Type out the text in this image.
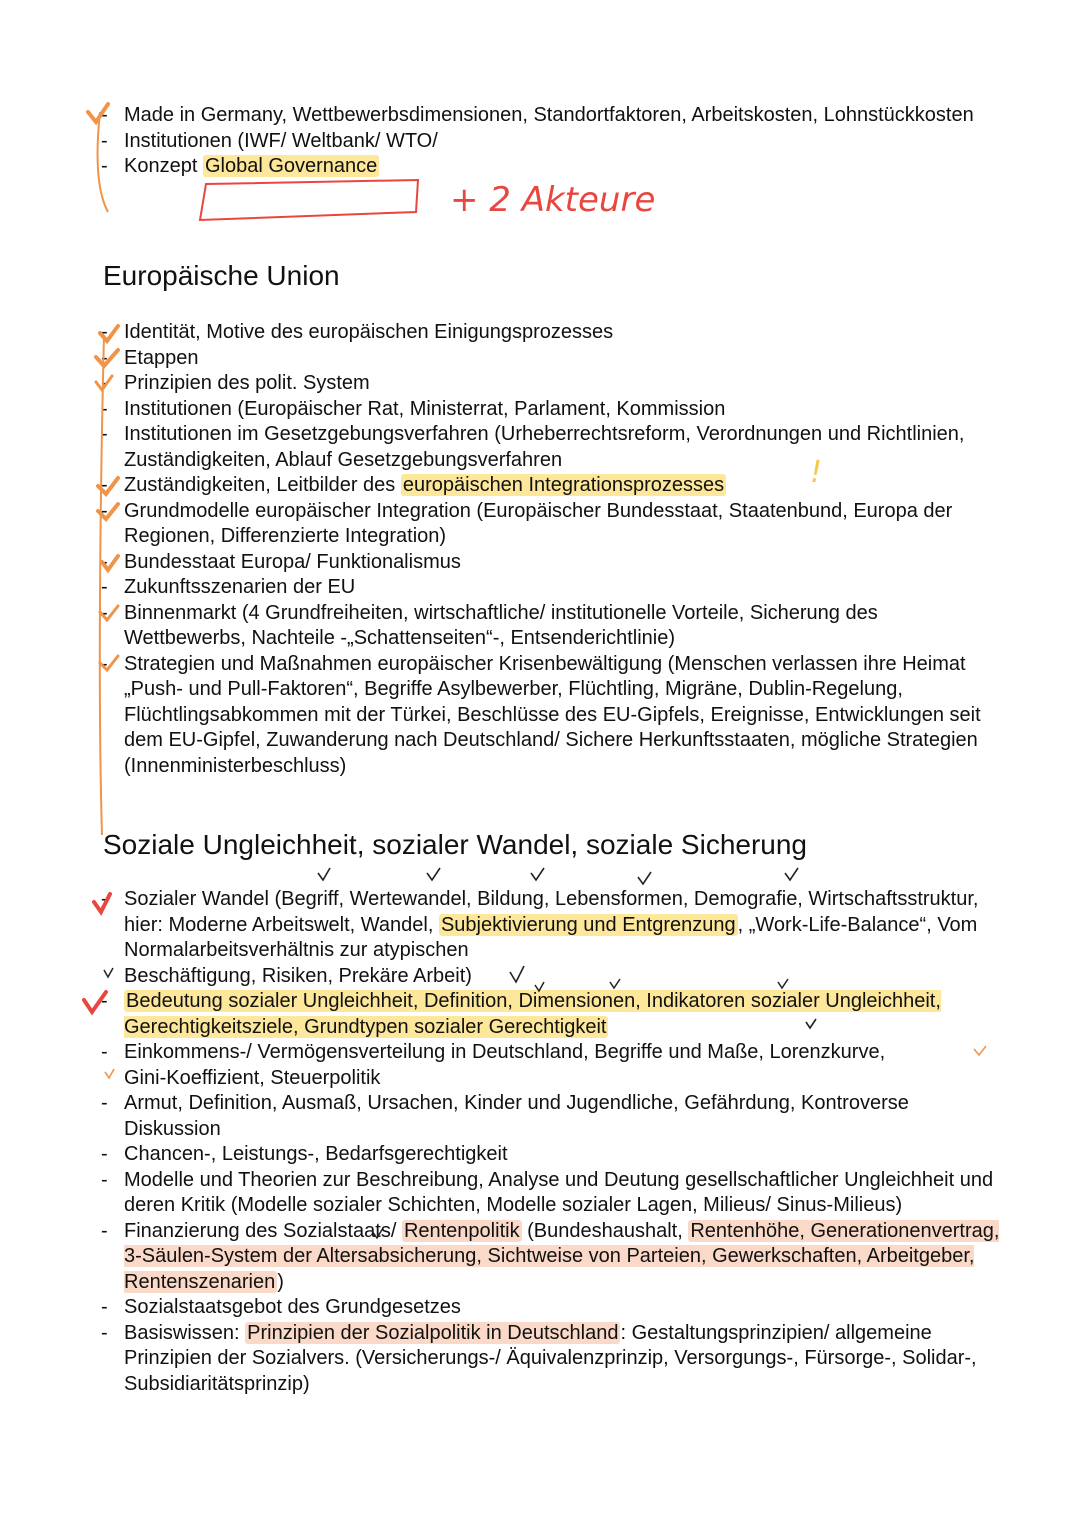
- Made in Germany, Wettbewerbsdimensionen, Standortfaktoren, Arbeitskosten, Lohnstückkosten
- Institutionen (IWF/ Weltbank/ WTO/
- Konzept Global Governance
+ 2 Akteure
Europäische Union
- Identität, Motive des europäischen Einigungsprozesses
- Etappen
- Prinzipien des polit. System
- Institutionen (Europäischer Rat, Ministerrat, Parlament, Kommission
- Institutionen im Gesetzgebungsverfahren (Urheberrechtsreform, Verordnungen und Richtlinien, Zuständigkeiten, Ablauf Gesetzgebungsverfahren
- Zuständigkeiten, Leitbilder des europäischen Integrationsprozesses
- Grundmodelle europäischer Integration (Europäischer Bundesstaat, Staatenbund, Europa der Regionen, Differenzierte Integration)
- Bundesstaat Europa/ Funktionalismus
- Zukunftsszenarien der EU
- Binnenmarkt (4 Grundfreiheiten, wirtschaftliche/ institutionelle Vorteile, Sicherung des Wettbewerbs, Nachteile -„Schattenseiten“-, Entsenderichtlinie)
- Strategien und Maßnahmen europäischer Krisenbewältigung (Menschen verlassen ihre Heimat „Push- und Pull-Faktoren“, Begriffe Asylbewerber, Flüchtling, Migräne, Dublin-Regelung, Flüchtlingsabkommen mit der Türkei, Beschlüsse des EU-Gipfels, Ereignisse, Entwicklungen seit dem EU-Gipfel, Zuwanderung nach Deutschland/ Sichere Herkunftsstaaten, mögliche Strategien (Innenministerbeschluss)
!
Soziale Ungleichheit, sozialer Wandel, soziale Sicherung
- Sozialer Wandel (Begriff, Wertewandel, Bildung, Lebensformen, Demografie, Wirtschaftsstruktur, hier: Moderne Arbeitswelt, Wandel, Subjektivierung und Entgrenzung , „Work-Life-Balance“, Vom Normalarbeitsverhältnis zur atypischen
Beschäftigung, Risiken, Prekäre Arbeit)
- Bedeutung sozialer Ungleichheit, Definition, Dimensionen, Indikatoren sozialer Ungleichheit, Gerechtigkeitsziele, Grundtypen sozialer Gerechtigkeit
- Einkommens-/ Vermögensverteilung in Deutschland, Begriffe und Maße, Lorenzkurve,
Gini-Koeffizient, Steuerpolitik
- Armut, Definition, Ausmaß, Ursachen, Kinder und Jugendliche, Gefährdung, Kontroverse Diskussion
- Chancen-, Leistungs-, Bedarfsgerechtigkeit
- Modelle und Theorien zur Beschreibung, Analyse und Deutung gesellschaftlicher Ungleichheit und deren Kritik (Modelle sozialer Schichten, Modelle sozialer Lagen, Milieus/ Sinus-Milieus)
- Finanzierung des Sozialstaats/ Rentenpolitik (Bundeshaushalt, Rentenhöhe, Generationenvertrag, 3-Säulen-System der Altersabsicherung, Sichtweise von Parteien, Gewerkschaften, Arbeitgeber, Rentenszenarien )
- Sozialstaatsgebot des Grundgesetzes
- Basiswissen: Prinzipien der Sozialpolitik in Deutschland : Gestaltungsprinzipien/ allgemeine Prinzipien der Sozialvers. (Versicherungs-/ Äquivalenzprinzip, Versorgungs-, Fürsorge-, Solidar-, Subsidiaritätsprinzip)
